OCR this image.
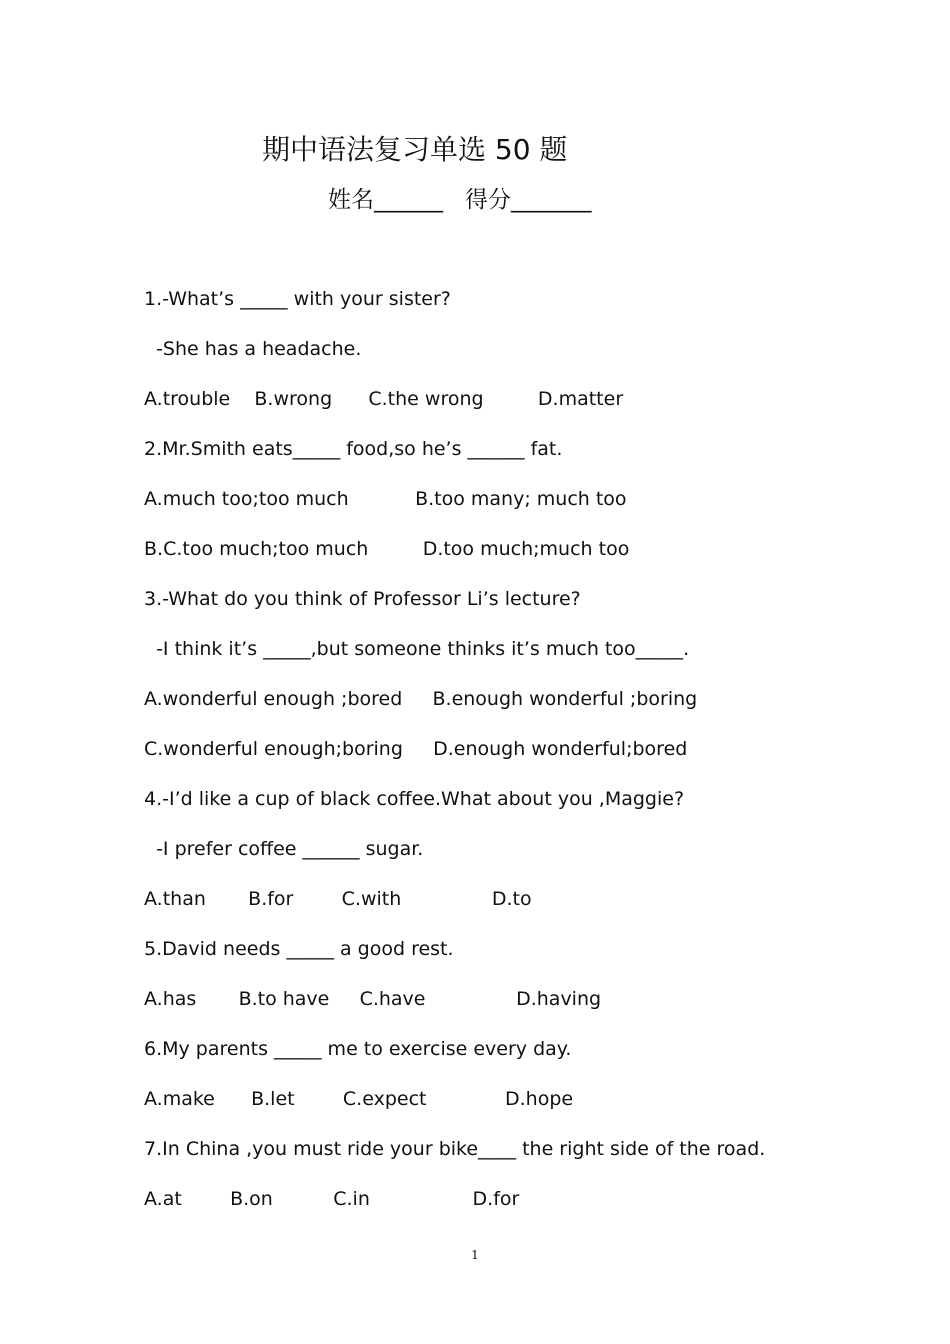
期中语法复习单选 50 题
姓名______ 得分_______
1.-What’s _____ with your sister?
-She has a headache.
A.trouble    B.wrong      C.the wrong         D.matter
2.Mr.Smith eats_____ food,so he’s ______ fat.
A.much too;too much           B.too many; much too
B.C.too much;too much         D.too much;much too
3.-What do you think of Professor Li’s lecture?
-I think it’s _____,but someone thinks it’s much too_____.
A.wonderful enough ;bored     B.enough wonderful ;boring
C.wonderful enough;boring     D.enough wonderful;bored
4.-I’d like a cup of black coffee.What about you ,Maggie?
-I prefer coffee ______ sugar.
A.than       B.for        C.with               D.to
5.David needs _____ a good rest.
A.has       B.to have     C.have               D.having
6.My parents _____ me to exercise every day.
A.make      B.let        C.expect             D.hope
7.In China ,you must ride your bike____ the right side of the road.
A.at        B.on          C.in                 D.for
1
